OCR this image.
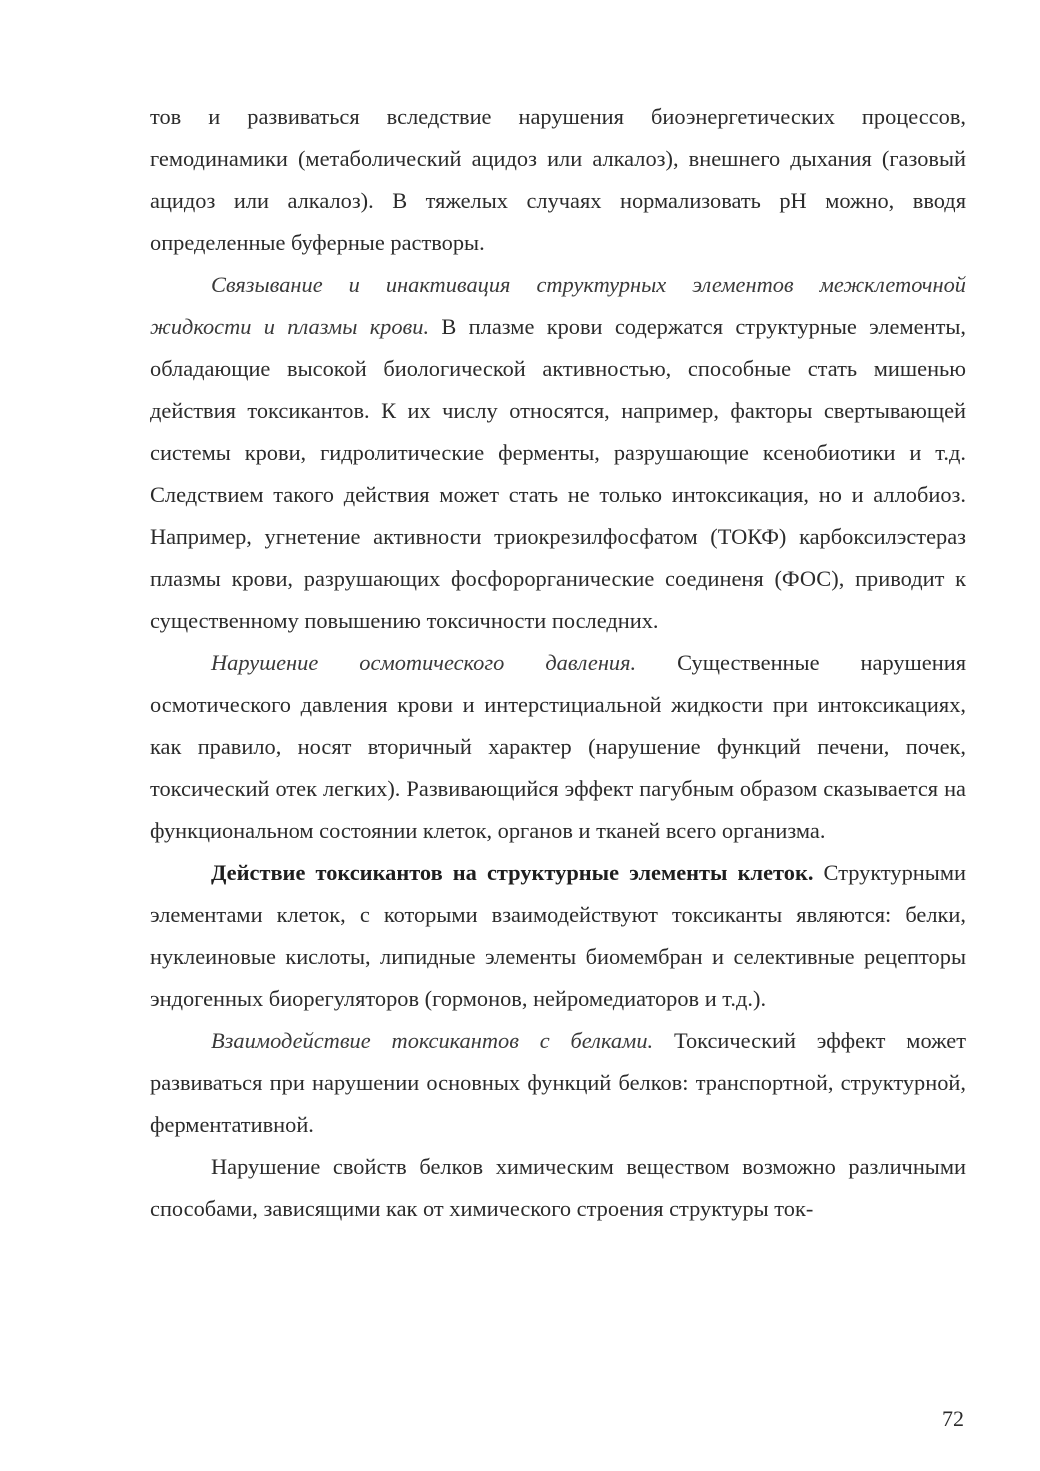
тов и развиваться вследствие нарушения биоэнергетических процессов, гемодинамики (метаболический ацидоз или алкалоз), внешнего дыхания (газовый ацидоз или алкалоз). В тяжелых случаях нормализовать pH можно, вводя определенные буферные растворы.

Связывание и инактивация структурных элементов межклеточной жидкости и плазмы крови. В плазме крови содержатся структурные элементы, обладающие высокой биологической активностью, способные стать мишенью действия токсикантов. К их числу относятся, например, факторы свертывающей системы крови, гидролитические ферменты, разрушающие ксенобиотики и т.д. Следствием такого действия может стать не только интоксикация, но и аллобиоз. Например, угнетение активности триокрезилфосфатом (ТОКФ) карбоксилэстераз плазмы крови, разрушающих фосфорорганические соединеня (ФОС), приводит к существенному повышению токсичности последних.

Нарушение осмотического давления. Существенные нарушения осмотического давления крови и интерстициальной жидкости при интоксикациях, как правило, носят вторичный характер (нарушение функций печени, почек, токсический отек легких). Развивающийся эффект пагубным образом сказывается на функциональном состоянии клеток, органов и тканей всего организма.

Действие токсикантов на структурные элементы клеток. Структурными элементами клеток, с которыми взаимодействуют токсиканты являются: белки, нуклеиновые кислоты, липидные элементы биомембран и селективные рецепторы эндогенных биорегуляторов (гормонов, нейромедиаторов и т.д.).

Взаимодействие токсикантов с белками. Токсический эффект может развиваться при нарушении основных функций белков: транспортной, структурной, ферментативной.

Нарушение свойств белков химическим веществом возможно различными способами, зависящими как от химического строения структуры ток-

72
